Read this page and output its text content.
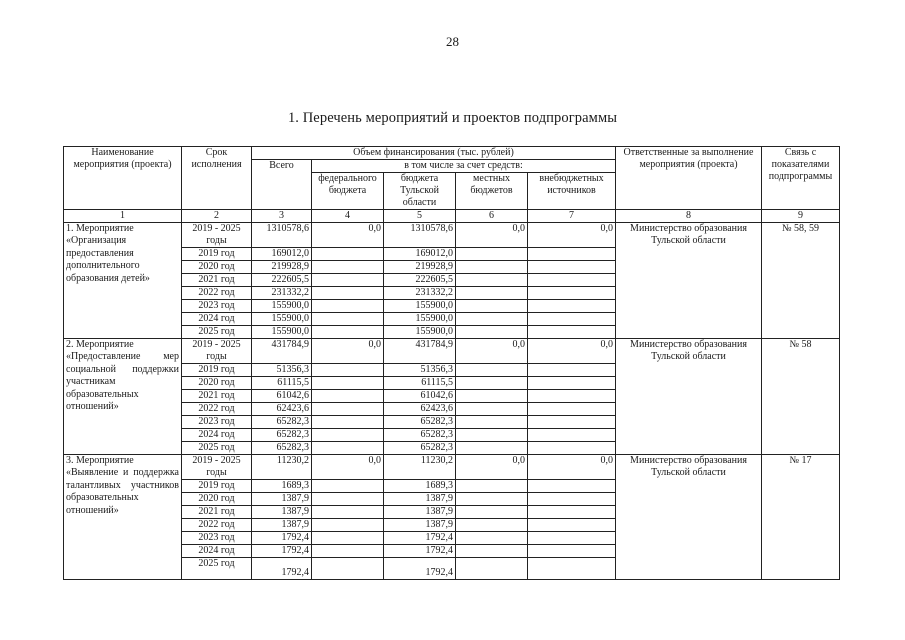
28
1. Перечень мероприятий и проектов подпрограммы
Наименование мероприятия (проекта)	Срок исполнения	Объем финансирования (тыс. рублей)					Ответственные за выполнение мероприятия (проекта)	Связь с показателями подпрограммы
		Всего	в том числе за счет средств:					
			федерального бюджета	бюджета Тульской области	местных бюджетов	внебюджетных источников		
1	2	3	4	5	6	7	8	9
1. Мероприятие

«Организация предоставления дополнительного образования детей»	2019 - 2025 годы	1310578,6	0,0	1310578,6	0,0	0,0	Министерство образования Тульской области	№ 58, 59
	2019 год	169012,0		169012,0				
	2020 год	219928,9		219928,9				
	2021 год	222605,5		222605,5				
	2022 год	231332,2		231332,2				
	2023 год	155900,0		155900,0				
	2024 год	155900,0		155900,0				
	2025 год	155900,0		155900,0				
2. Мероприятие

«Предоставление мер социальной поддержки участникам образовательных отношений»	2019 - 2025 годы	431784,9	0,0	431784,9	0,0	0,0	Министерство образования Тульской области	№ 58
	2019 год	51356,3		51356,3				
	2020 год	61115,5		61115,5				
	2021 год	61042,6		61042,6				
	2022 год	62423,6		62423,6				
	2023 год	65282,3		65282,3				
	2024 год	65282,3		65282,3				
	2025 год	65282,3		65282,3				
3. Мероприятие

«Выявление и поддержка талантливых участников образовательных отношений»	2019 - 2025 годы	11230,2	0,0	11230,2	0,0	0,0	Министерство образования Тульской области	№ 17
	2019 год	1689,3		1689,3				
	2020 год	1387,9		1387,9				
	2021 год	1387,9		1387,9				
	2022 год	1387,9		1387,9				
	2023 год	1792,4		1792,4				
	2024 год	1792,4		1792,4				
	2025 год	1792,4		1792,4				
